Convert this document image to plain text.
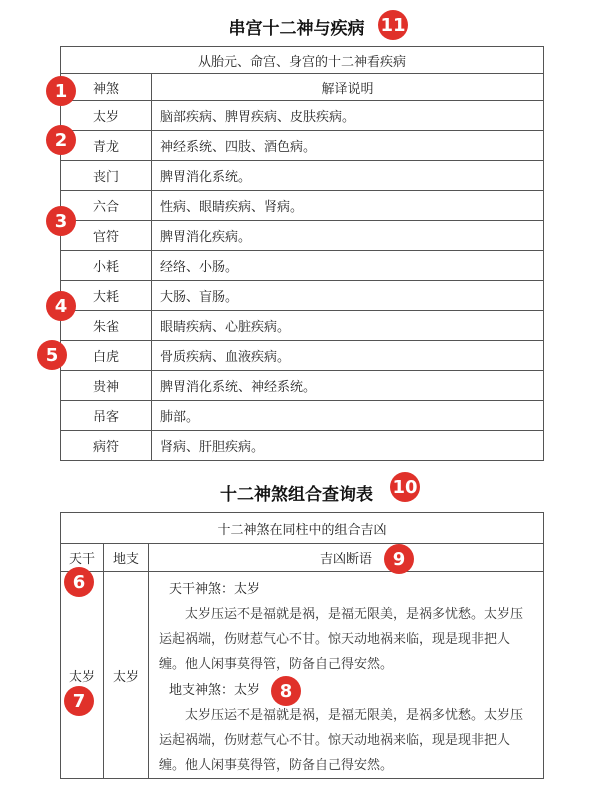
串宫十二神与疾病 11
从胎元、命宫、身宫的十二神看疾病	
神煞	解译说明
太岁	脑部疾病、脾胃疾病、皮肤疾病。
青龙	神经系统、四肢、酒色病。
丧门	脾胃消化系统。
六合	性病、眼睛疾病、肾病。
官符	脾胃消化疾病。
小耗	经络、小肠。
大耗	大肠、盲肠。
朱雀	眼睛疾病、心脏疾病。
白虎	骨质疾病、血液疾病。
贵神	脾胃消化系统、神经系统。
吊客	肺部。
病符	肾病、肝胆疾病。
1
2
3
4
5
十二神煞组合查询表	10
十二神煞在同柱中的组合吉凶		
天干	地支	吉凶断语
太岁	太岁	天干神煞：太岁

太岁压运不是福就是祸，是福无限美，是祸多忧愁。太岁压运起祸端，伤财惹气心不甘。惊天动地祸来临，现是现非把人缠。他人闲事莫得管，防备自己得安然。

地支神煞：太岁

太岁压运不是福就是祸，是福无限美，是祸多忧愁。太岁压运起祸端，伤财惹气心不甘。惊天动地祸来临，现是现非把人缠。他人闲事莫得管，防备自己得安然。

9
6
7	8
